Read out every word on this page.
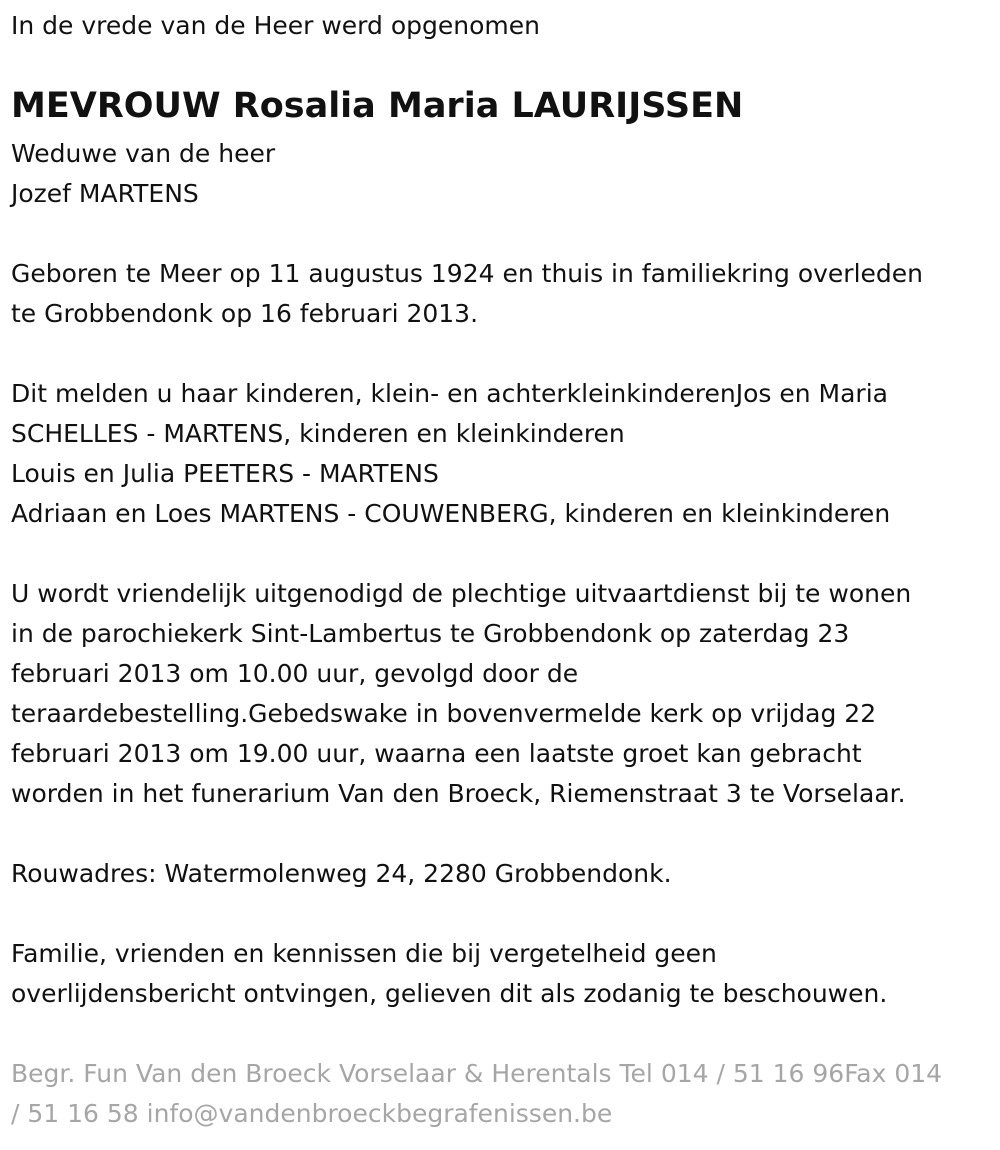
In de vrede van de Heer werd opgenomen

MEVROUW Rosalia Maria LAURIJSSEN

Weduwe van de heer

Jozef MARTENS

Geboren te Meer op 11 augustus 1924 en thuis in familiekring overleden

te Grobbendonk op 16 februari 2013.

Dit melden u haar kinderen, klein- en achterkleinkinderenJos en Maria

SCHELLES - MARTENS, kinderen en kleinkinderen

Louis en Julia PEETERS - MARTENS

Adriaan en Loes MARTENS - COUWENBERG, kinderen en kleinkinderen

U wordt vriendelijk uitgenodigd de plechtige uitvaartdienst bij te wonen

in de parochiekerk Sint-Lambertus te Grobbendonk op zaterdag 23

februari 2013 om 10.00 uur, gevolgd door de

teraardebestelling.Gebedswake in bovenvermelde kerk op vrijdag 22

februari 2013 om 19.00 uur, waarna een laatste groet kan gebracht

worden in het funerarium Van den Broeck, Riemenstraat 3 te Vorselaar.

Rouwadres: Watermolenweg 24, 2280 Grobbendonk.

Familie, vrienden en kennissen die bij vergetelheid geen

overlijdensbericht ontvingen, gelieven dit als zodanig te beschouwen.

Begr. Fun Van den Broeck Vorselaar & Herentals Tel 014 / 51 16 96Fax 014

/ 51 16 58 info@vandenbroeckbegrafenissen.be
